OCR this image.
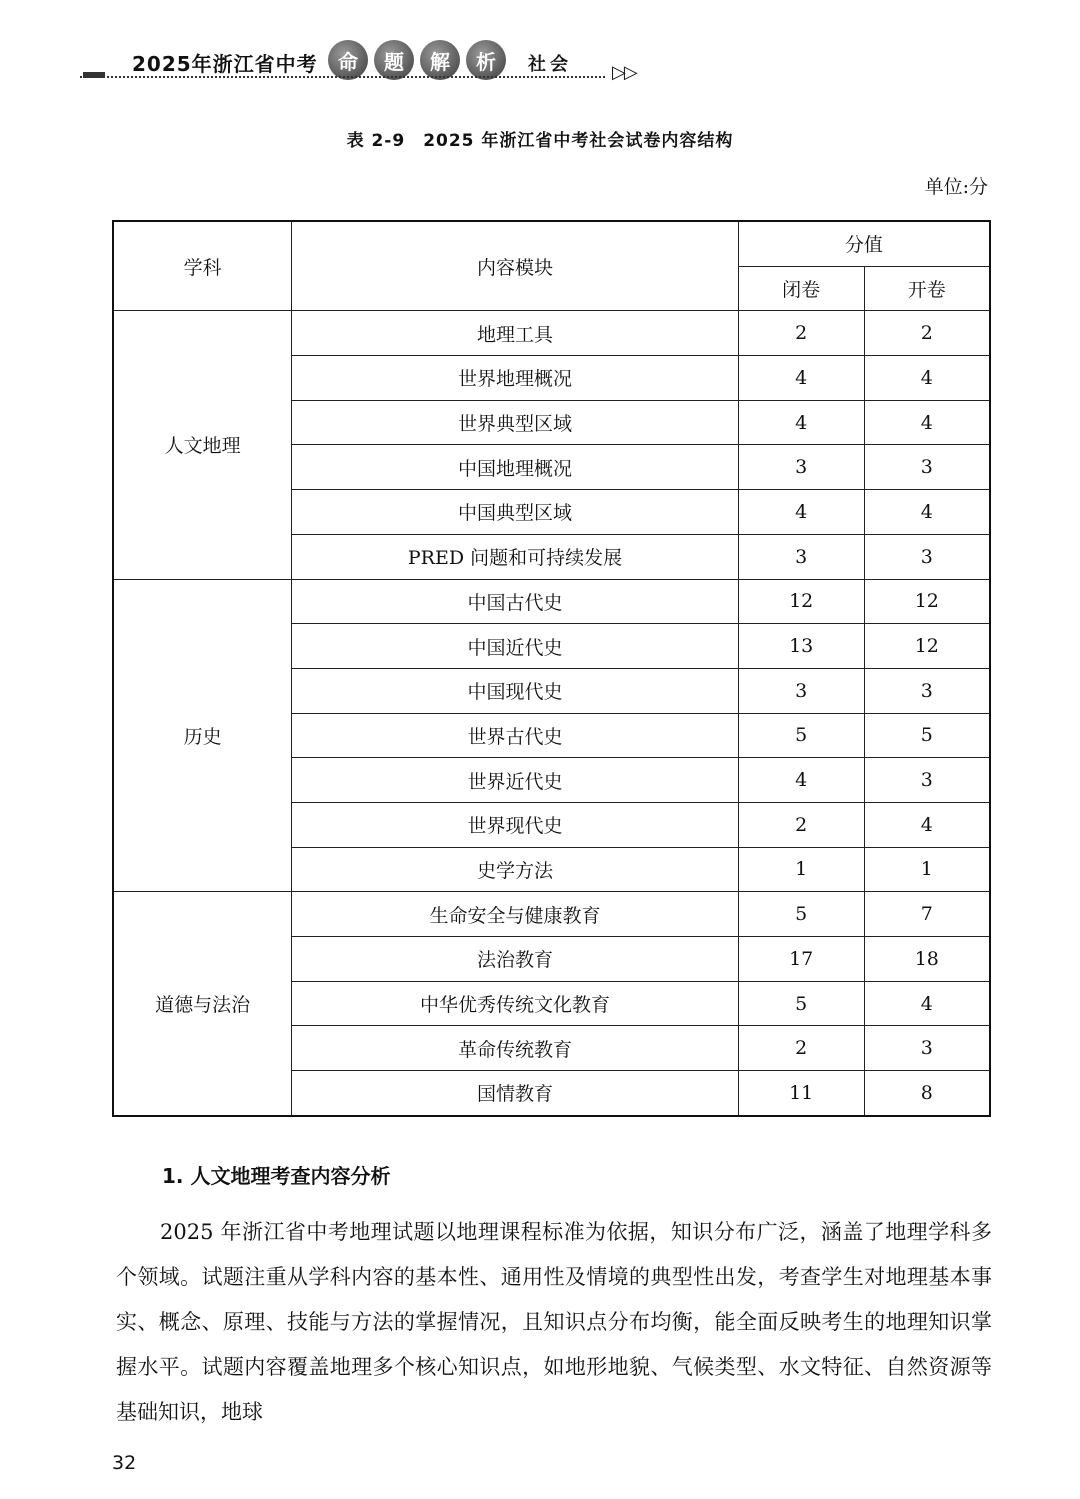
2025年浙江省中考	命	题	解	析	社会 ▷▷
表 2-9　2025 年浙江省中考社会试卷内容结构
单位:分
学科	内容模块	分值	
		闭卷	开卷
人文地理	地理工具	2	2
	世界地理概况	4	4
	世界典型区域	4	4
	中国地理概况	3	3
	中国典型区域	4	4
	PRED 问题和可持续发展	3	3
历史	中国古代史	12	12
	中国近代史	13	12
	中国现代史	3	3
	世界古代史	5	5
	世界近代史	4	3
	世界现代史	2	4
	史学方法	1	1
道德与法治	生命安全与健康教育	5	7
	法治教育	17	18
	中华优秀传统文化教育	5	4
	革命传统教育	2	3
	国情教育	11	8
1. 人文地理考查内容分析

2025 年浙江省中考地理试题以地理课程标准为依据，知识分布广泛，涵盖了地理学科多个领域。试题注重从学科内容的基本性、通用性及情境的典型性出发，考查学生对地理基本事实、概念、原理、技能与方法的掌握情况，且知识点分布均衡，能全面反映考生的地理知识掌握水平。试题内容覆盖地理多个核心知识点，如地形地貌、气候类型、水文特征、自然资源等基础知识，地球

32
